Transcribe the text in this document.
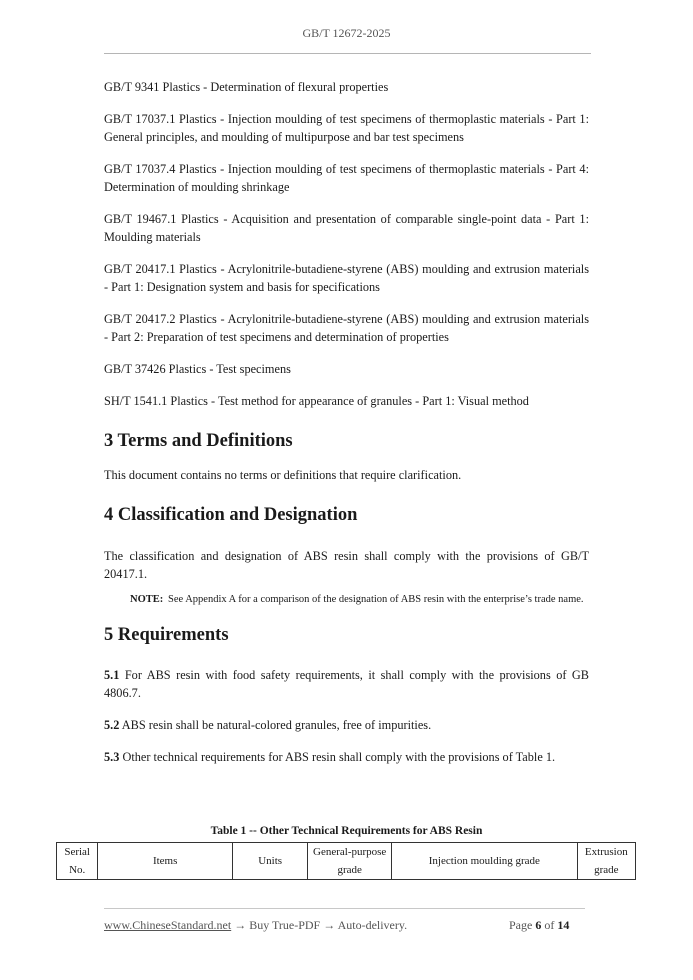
GB/T 12672-2025

GB/T 9341 Plastics - Determination of flexural properties

GB/T 17037.1 Plastics - Injection moulding of test specimens of thermoplastic materials - Part 1: General principles, and moulding of multipurpose and bar test specimens

GB/T 17037.4 Plastics - Injection moulding of test specimens of thermoplastic materials - Part 4: Determination of moulding shrinkage

GB/T 19467.1 Plastics - Acquisition and presentation of comparable single-point data - Part 1: Moulding materials

GB/T 20417.1 Plastics - Acrylonitrile-butadiene-styrene (ABS) moulding and extrusion materials - Part 1: Designation system and basis for specifications

GB/T 20417.2 Plastics - Acrylonitrile-butadiene-styrene (ABS) moulding and extrusion materials - Part 2: Preparation of test specimens and determination of properties

GB/T 37426 Plastics - Test specimens

SH/T 1541.1 Plastics - Test method for appearance of granules - Part 1: Visual method

3 Terms and Definitions

This document contains no terms or definitions that require clarification.

4 Classification and Designation

The classification and designation of ABS resin shall comply with the provisions of GB/T 20417.1.

NOTE: See Appendix A for a comparison of the designation of ABS resin with the enterprise’s trade name.
5 Requirements

5.1 For ABS resin with food safety requirements, it shall comply with the provisions of GB 4806.7.

5.2 ABS resin shall be natural-colored granules, free of impurities.

5.3 Other technical requirements for ABS resin shall comply with the provisions of Table 1.

Table 1 -- Other Technical Requirements for ABS Resin
Serial No.	Items	Units	General-purpose grade	Injection moulding grade	Extrusion grade
www.ChineseStandard.net → Buy True-PDF → Auto-delivery.	Page 6 of 14
